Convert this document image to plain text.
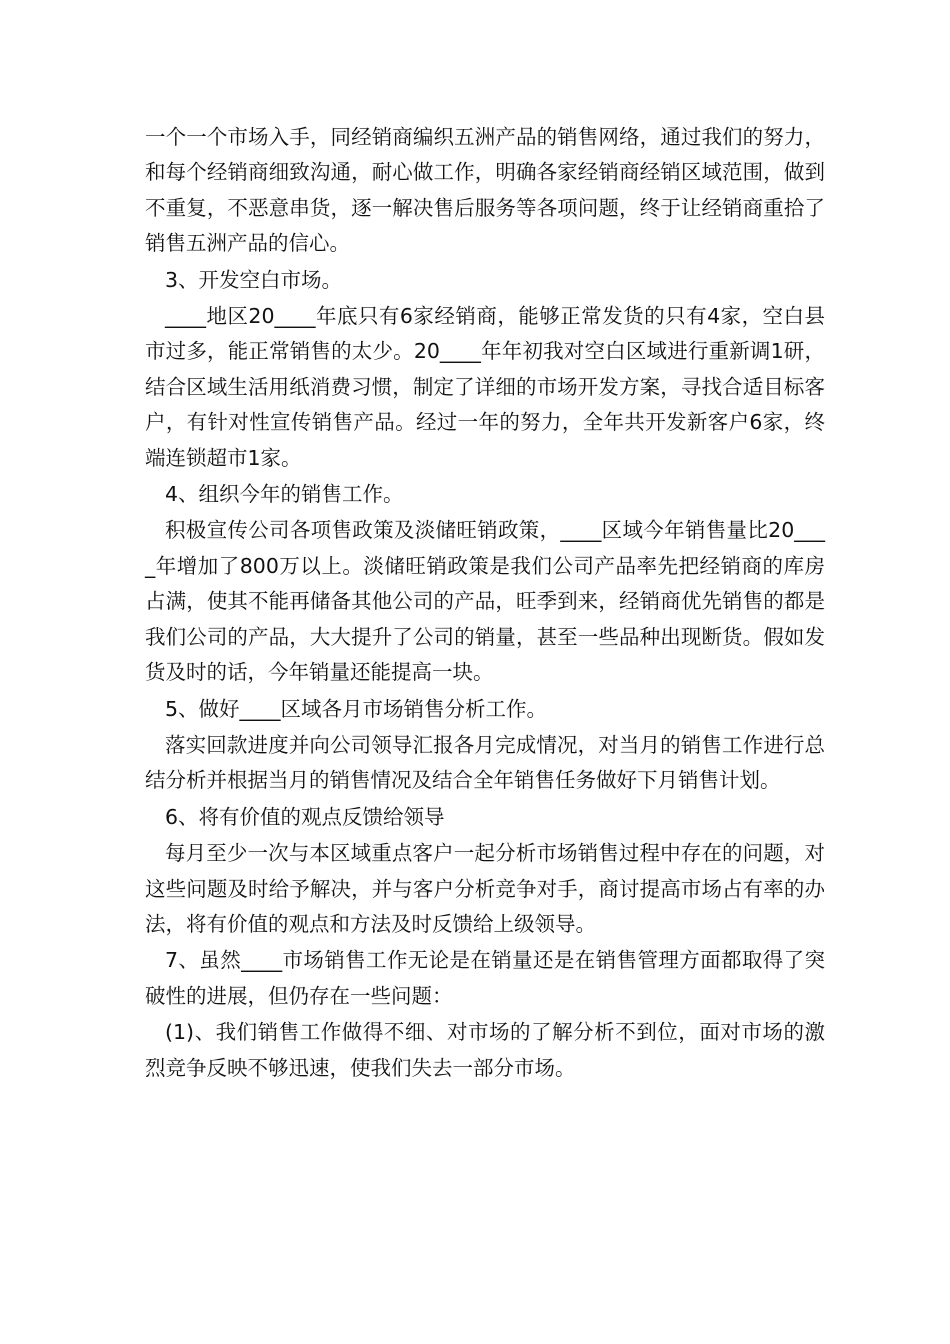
一个一个市场入手，同经销商编织五洲产品的销售网络，通过我们的努力，和每个经销商细致沟通，耐心做工作，明确各家经销商经销区域范围，做到不重复，不恶意串货，逐一解决售后服务等各项问题，终于让经销商重拾了销售五洲产品的信心。

3、开发空白市场。

____地区20____年底只有6家经销商，能够正常发货的只有4家，空白县市过多，能正常销售的太少。20____年年初我对空白区域进行重新调1研，结合区域生活用纸消费习惯，制定了详细的市场开发方案，寻找合适目标客户，有针对性宣传销售产品。经过一年的努力，全年共开发新客户6家，终端连锁超市1家。

4、组织今年的销售工作。

积极宣传公司各项售政策及淡储旺销政策，____区域今年销售量比20____年增加了800万以上。淡储旺销政策是我们公司产品率先把经销商的库房占满，使其不能再储备其他公司的产品，旺季到来，经销商优先销售的都是我们公司的产品，大大提升了公司的销量，甚至一些品种出现断货。假如发货及时的话，今年销量还能提高一块。

5、做好____区域各月市场销售分析工作。

落实回款进度并向公司领导汇报各月完成情况，对当月的销售工作进行总结分析并根据当月的销售情况及结合全年销售任务做好下月销售计划。

6、将有价值的观点反馈给领导

每月至少一次与本区域重点客户一起分析市场销售过程中存在的问题，对这些问题及时给予解决，并与客户分析竞争对手，商讨提高市场占有率的办法，将有价值的观点和方法及时反馈给上级领导。

7、虽然____市场销售工作无论是在销量还是在销售管理方面都取得了突破性的进展，但仍存在一些问题：

(1)、我们销售工作做得不细、对市场的了解分析不到位，面对市场的激烈竞争反映不够迅速，使我们失去一部分市场。
